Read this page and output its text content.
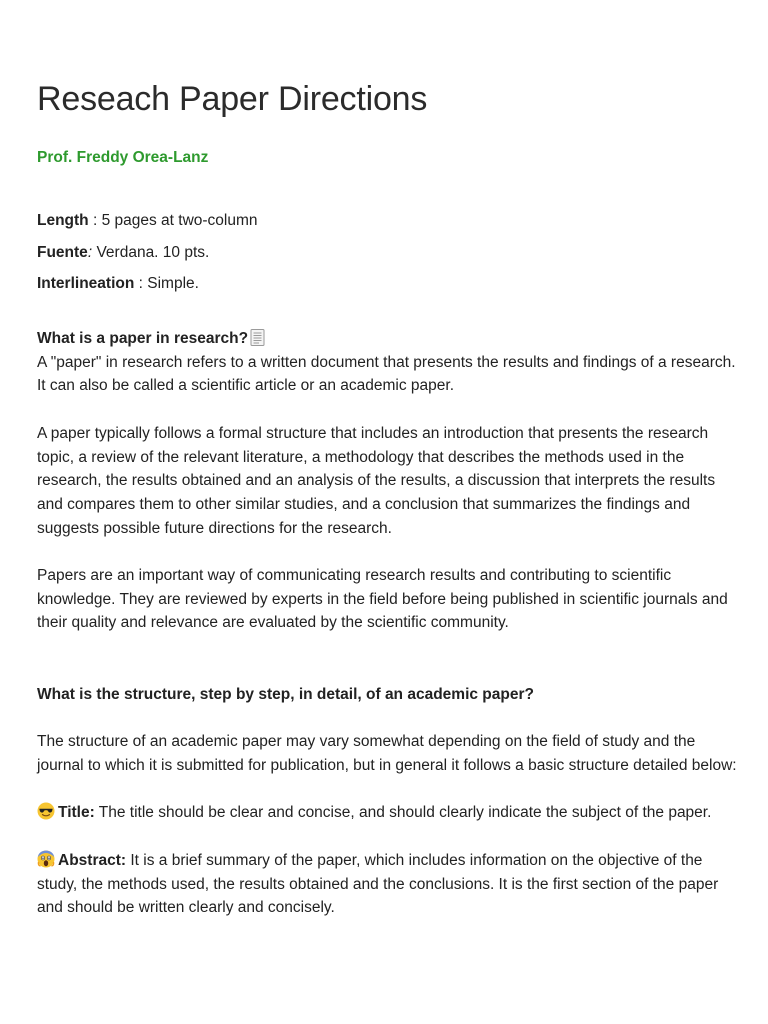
Reseach Paper Directions

Prof. Freddy Orea-Lanz

Length : 5 pages at two-column

Fuente: Verdana. 10 pts.

Interlineation : Simple.

What is a paper in research?

A "paper" in research refers to a written document that presents the results and findings of a research. It can also be called a scientific article or an academic paper.

A paper typically follows a formal structure that includes an introduction that presents the research topic, a review of the relevant literature, a methodology that describes the methods used in the research, the results obtained and an analysis of the results, a discussion that interprets the results and compares them to other similar studies, and a conclusion that summarizes the findings and suggests possible future directions for the research.

Papers are an important way of communicating research results and contributing to scientific knowledge. They are reviewed by experts in the field before being published in scientific journals and their quality and relevance are evaluated by the scientific community.

What is the structure, step by step, in detail, of an academic paper?

The structure of an academic paper may vary somewhat depending on the field of study and the journal to which it is submitted for publication, but in general it follows a basic structure detailed below:

Title: The title should be clear and concise, and should clearly indicate the subject of the paper.

Abstract: It is a brief summary of the paper, which includes information on the objective of the study, the methods used, the results obtained and the conclusions. It is the first section of the paper and should be written clearly and concisely.
